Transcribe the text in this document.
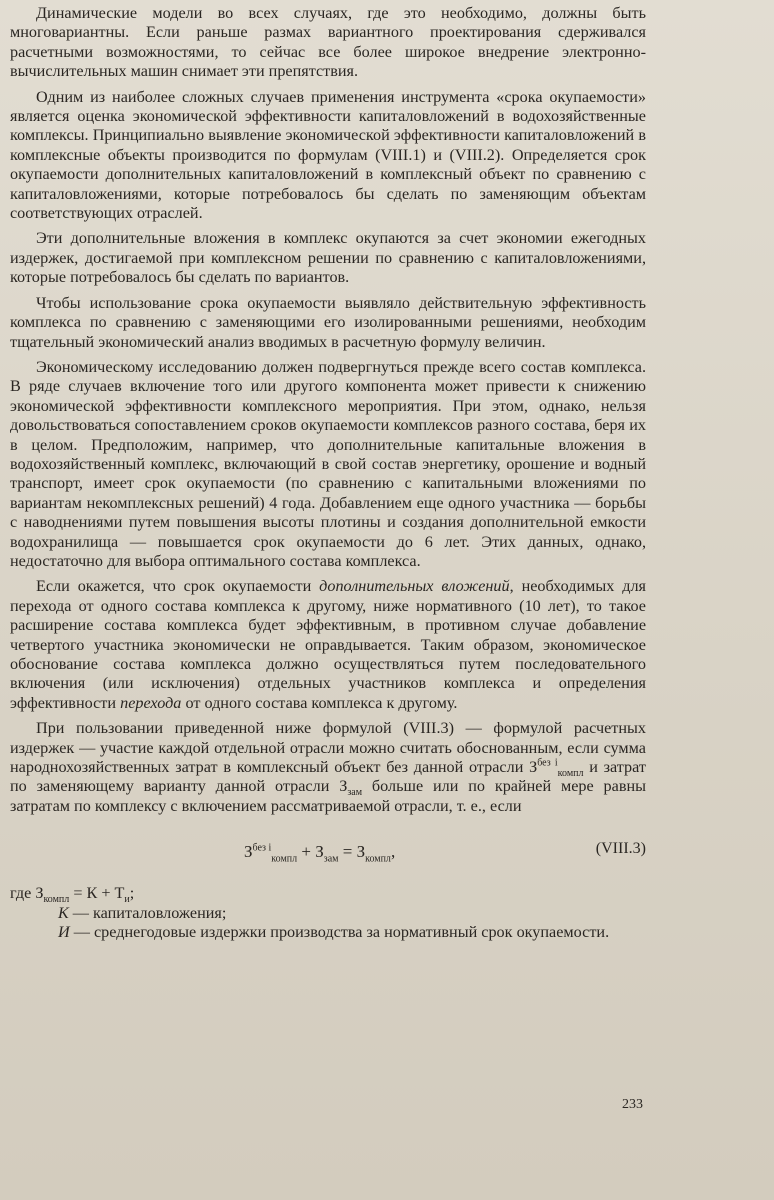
Динамические модели во всех случаях, где это необходимо, должны быть многовариантны. Если раньше размах вариантного проектирования сдерживался расчетными возможностями, то сейчас все более широкое внедрение электронно-вычислительных машин снимает эти препятствия.

Одним из наиболее сложных случаев применения инструмента «срока окупаемости» является оценка экономической эффективности капиталовложений в водохозяйственные комплексы. Принципиально выявление экономической эффективности капиталовложений в комплексные объекты производится по формулам (VIII.1) и (VIII.2). Определяется срок окупаемости дополнительных капиталовложений в комплексный объект по сравнению с капиталовложениями, которые потребовалось бы сделать по заменяющим объектам соответствующих отраслей.

Эти дополнительные вложения в комплекс окупаются за счет экономии ежегодных издержек, достигаемой при комплексном решении по сравнению с капиталовложениями, которые потребовалось бы сделать по вариантов.

Чтобы использование срока окупаемости выявляло действительную эффективность комплекса по сравнению с заменяющими его изолированными решениями, необходим тщательный экономический анализ вводимых в расчетную формулу величин.

Экономическому исследованию должен подвергнуться прежде всего состав комплекса. В ряде случаев включение того или другого компонента может привести к снижению экономической эффективности комплексного мероприятия. При этом, однако, нельзя довольствоваться сопоставлением сроков окупаемости комплексов разного состава, беря их в целом. Предположим, например, что дополнительные капитальные вложения в водохозяйственный комплекс, включающий в свой состав энергетику, орошение и водный транспорт, имеет срок окупаемости (по сравнению с капитальными вложениями по вариантам некомплексных решений) 4 года. Добавлением еще одного участника — борьбы с наводнениями путем повышения высоты плотины и создания дополнительной емкости водохранилища — повышается срок окупаемости до 6 лет. Этих данных, однако, недостаточно для выбора оптимального состава комплекса.

Если окажется, что срок окупаемости дополнительных вложений, необходимых для перехода от одного состава комплекса к другому, ниже нормативного (10 лет), то такое расширение состава комплекса будет эффективным, в противном случае добавление четвертого участника экономически не оправдывается. Таким образом, экономическое обоснование состава комплекса должно осуществляться путем последовательного включения (или исключения) отдельных участников комплекса и определения эффективности перехода от одного состава комплекса к другому.

При пользовании приведенной ниже формулой (VIII.3) — формулой расчетных издержек — участие каждой отдельной отрасли можно считать обоснованным, если сумма народнохозяйственных затрат в комплексный объект без данной отрасли $З^{без i}_{компл}$ и затрат по заменяющему варианту данной отрасли $З_{зам}$ больше или по крайней мере равны затратам по комплексу с включением рассматриваемой отрасли, т. е., если

$З^{без i}_{компл} + З_{зам} = З_{компл}$,	(VIII.3)

где $З_{компл} = К + Т_и$;

К — капиталовложения;

И — среднегодовые издержки производства за нормативный срок окупаемости.

233
